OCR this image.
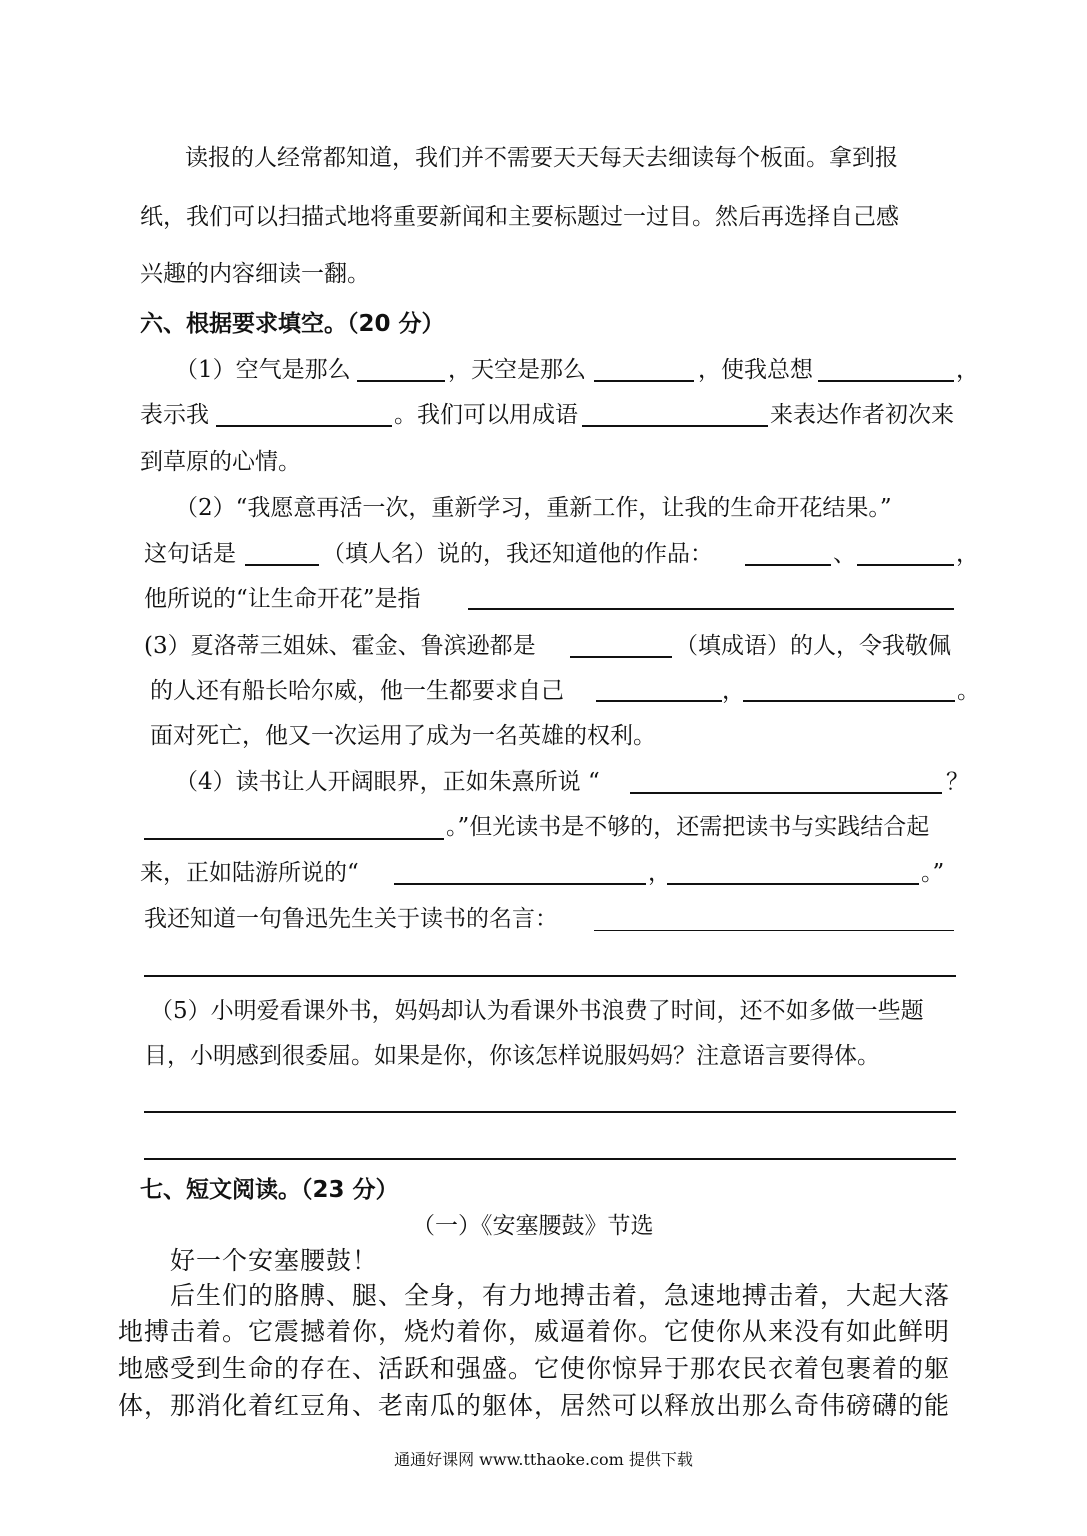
读报的人经常都知道，我们并不需要天天每天去细读每个板面。拿到报
纸，我们可以扫描式地将重要新闻和主要标题过一过目。然后再选择自己感
兴趣的内容细读一翻。
六、根据要求填空。（20 分）
（1）空气是那么	，天空是那么	，使我总想	，
表示我	。我们可以用成语	来表达作者初次来
到草原的心情。
（2）“我愿意再活一次，重新学习，重新工作，让我的生命开花结果。”
这句话是	（填人名）说的，我还知道他的作品：	、	，
他所说的“让生命开花”是指
(3）夏洛蒂三姐妹、霍金、鲁滨逊都是	（填成语）的人，令我敬佩
的人还有船长哈尔威，他一生都要求自己	，	。
面对死亡，他又一次运用了成为一名英雄的权利。
（4）读书让人开阔眼界，正如朱熹所说 “	？
。”但光读书是不够的，还需把读书与实践结合起
来，正如陆游所说的“	，	。”
我还知道一句鲁迅先生关于读书的名言：
（5）小明爱看课外书，妈妈却认为看课外书浪费了时间，还不如多做一些题
目，小明感到很委屈。如果是你，你该怎样说服妈妈？注意语言要得体。
七、短文阅读。（23 分）
（一）《安塞腰鼓》节选
好一个安塞腰鼓！
后生们的胳膊、腿、全身，有力地搏击着，急速地搏击着，大起大落
地搏击着。它震撼着你，烧灼着你，威逼着你。它使你从来没有如此鲜明
地感受到生命的存在、活跃和强盛。它使你惊异于那农民衣着包裹着的躯
体，那消化着红豆角、老南瓜的躯体，居然可以释放出那么奇伟磅礴的能
通通好课网 www.tthaoke.com 提供下载
